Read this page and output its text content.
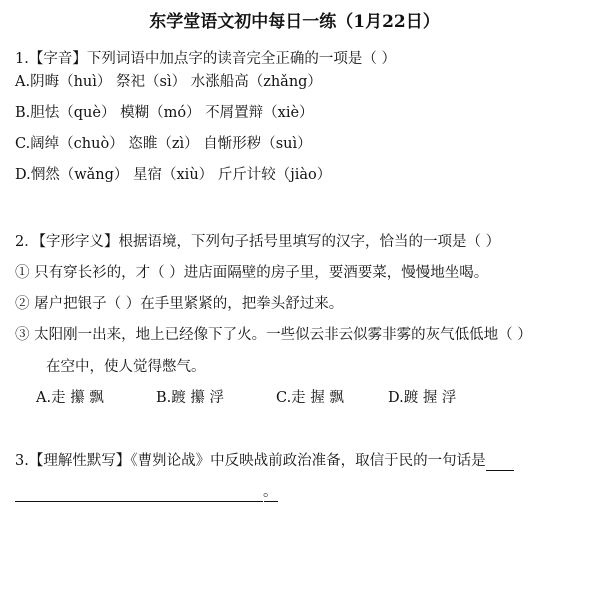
东学堂语文初中每日一练（1月22日）
1.【字音】下列词语中加点字的读音完全正确的一项是（ ）
A.阴晦（huì） 祭祀（sì） 水涨船高（zhǎng）
B.胆怯（què） 模糊（mó） 不屑置辩（xiè）
C.阔绰（chuò） 恣睢（zì） 自惭形秽（suì）
D.惘然（wǎng） 星宿（xiù） 斤斤计较（jiào）
2．【字形字义】根据语境，下列句子括号里填写的汉字，恰当的一项是（ ）
① 只有穿长衫的，才（ ）进店面隔壁的房子里，要酒要菜，慢慢地坐喝。
② 屠户把银子（ ）在手里紧紧的，把拳头舒过来。
③ 太阳刚一出来，地上已经像下了火。一些似云非云似雾非雾的灰气低低地（ ）
在空中，使人觉得憋气。
A.走 攥 飘	B.踱 攥 浮	C.走 握 飘	D.踱 握 浮
3.【理解性默写】《曹刿论战》中反映战前政治准备，取信于民的一句话是
。
